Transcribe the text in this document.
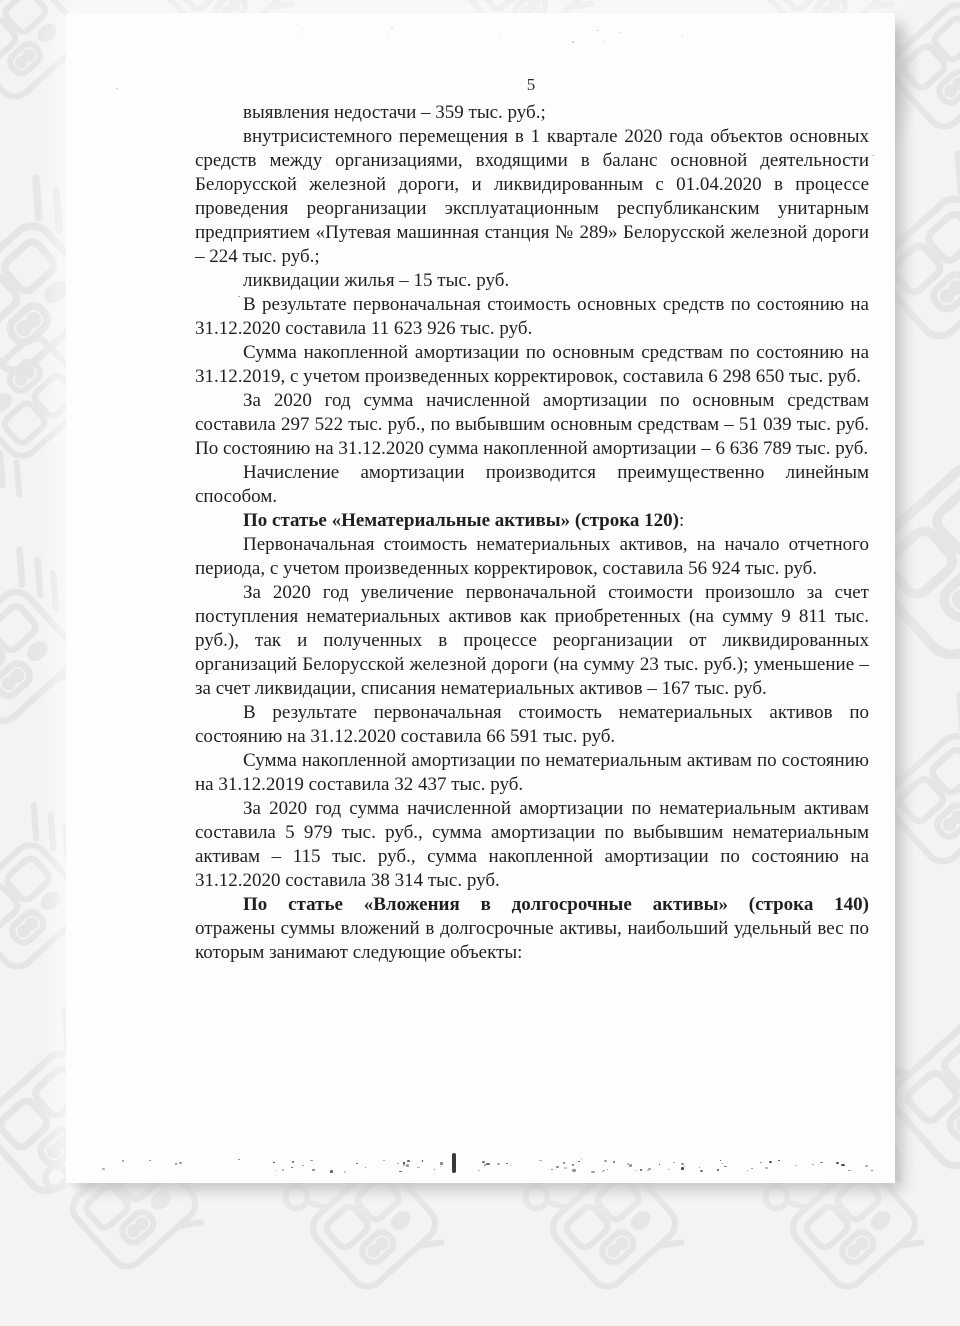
5

выявления недостачи – 359 тыс. руб.;

внутрисистемного перемещения в 1 квартале 2020 года объектов основных средств между организациями, входящими в баланс основной деятельности Белорусской железной дороги, и ликвидированным с 01.04.2020 в процессе проведения реорганизации эксплуатационным республиканским унитарным предприятием «Путевая машинная станция № 289» Белорусской железной дороги – 224 тыс. руб.;

ликвидации жилья – 15 тыс. руб.

В результате первоначальная стоимость основных средств по состоянию на 31.12.2020 составила 11 623 926 тыс. руб.

Сумма накопленной амортизации по основным средствам по состоянию на 31.12.2019, с учетом произведенных корректировок, составила 6 298 650 тыс. руб.

За 2020 год сумма начисленной амортизации по основным средствам составила 297 522 тыс. руб., по выбывшим основным средствам – 51 039 тыс. руб. По состоянию на 31.12.2020 сумма накопленной амортизации – 6 636 789 тыс. руб.

Начисление амортизации производится преимущественно линейным способом.

По статье «Нематериальные активы» (строка 120):

Первоначальная стоимость нематериальных активов, на начало отчетного периода, с учетом произведенных корректировок, составила 56 924 тыс. руб.

За 2020 год увеличение первоначальной стоимости произошло за счет поступления нематериальных активов как приобретенных (на сумму 9 811 тыс. руб.), так и полученных в процессе реорганизации от ликвидированных организаций Белорусской железной дороги (на сумму 23 тыс. руб.); уменьшение – за счет ликвидации, списания нематериальных активов – 167 тыс. руб.

В результате первоначальная стоимость нематериальных активов по состоянию на 31.12.2020 составила 66 591 тыс. руб.

Сумма накопленной амортизации по нематериальным активам по состоянию на 31.12.2019 составила 32 437 тыс. руб.

За 2020 год сумма начисленной амортизации по нематериальным активам составила 5 979 тыс. руб., сумма амортизации по выбывшим нематериальным активам – 115 тыс. руб., сумма накопленной амортизации по состоянию на 31.12.2020 составила 38 314 тыс. руб.

По статье «Вложения в долгосрочные активы» (строка 140)
отражены суммы вложений в долгосрочные активы, наибольший удельный вес по которым занимают следующие объекты:
